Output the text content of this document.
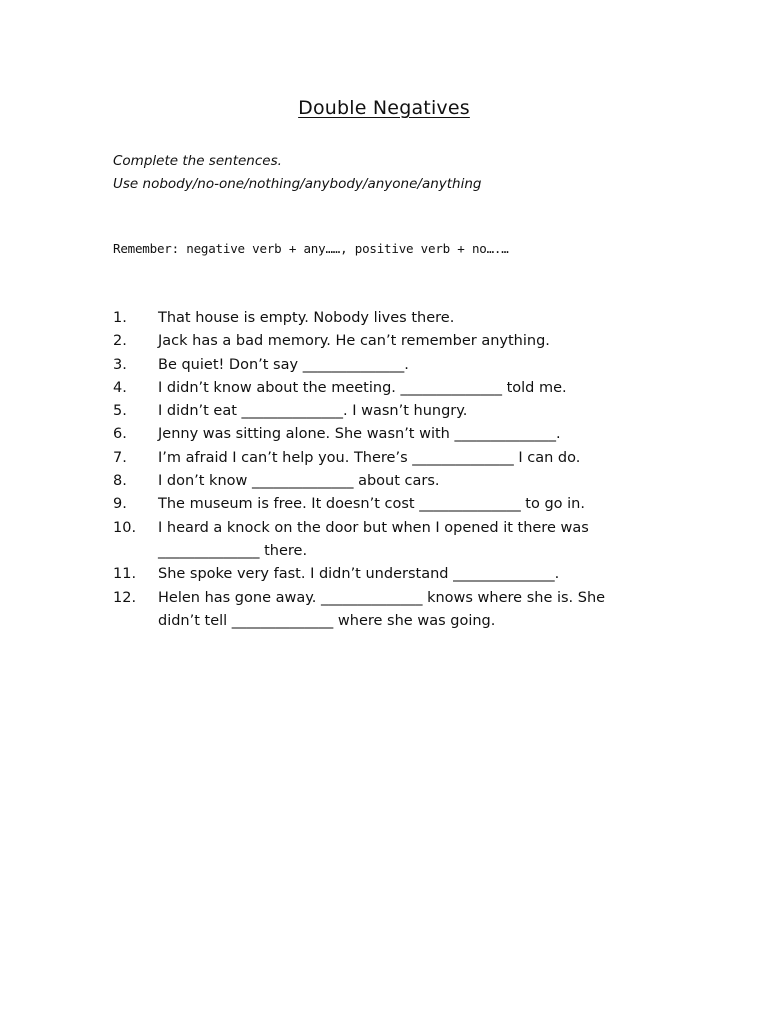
Double Negatives
Complete the sentences.
Use nobody/no-one/nothing/anybody/anyone/anything
Remember: negative verb + any……, positive verb + no….…
1.	That house is empty. Nobody lives there.
2.	Jack has a bad memory. He can’t remember anything.
3.	Be quiet! Don’t say ______________.
4.	I didn’t know about the meeting. ______________ told me.
5.	I didn’t eat ______________. I wasn’t hungry.
6.	Jenny was sitting alone. She wasn’t with ______________.
7.	I’m afraid I can’t help you. There’s ______________ I can do.
8.	I don’t know ______________ about cars.
9.	The museum is free. It doesn’t cost ______________ to go in.
10.	I heard a knock on the door but when I opened it there was
______________ there.
11.	She spoke very fast. I didn’t understand ______________.
12.	Helen has gone away. ______________ knows where she is. She
didn’t tell ______________ where she was going.
